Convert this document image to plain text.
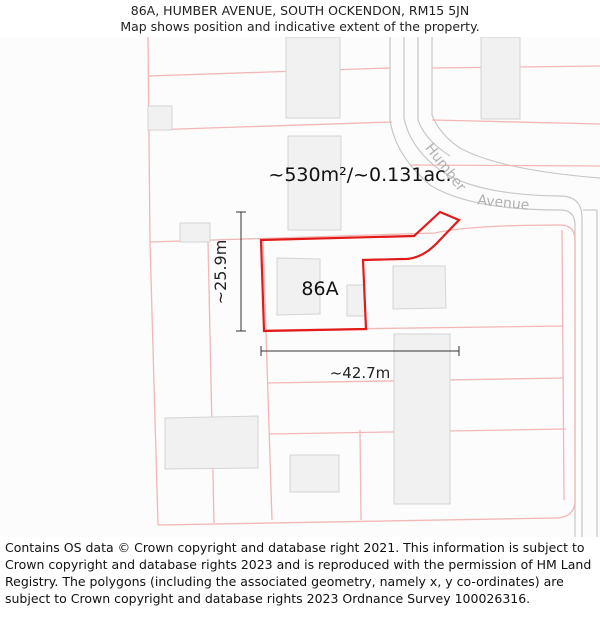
86A, HUMBER AVENUE, SOUTH OCKENDON, RM15 5JN
Map shows position and indicative extent of the property.
Humber
Avenue
~25.9m
~42.7m
~530m²/~0.131ac.
86A
Contains OS data © Crown copyright and database right 2021. This information is subject to Crown copyright and database rights 2023 and is reproduced with the permission of HM Land Registry. The polygons (including the associated geometry, namely x, y co-ordinates) are subject to Crown copyright and database rights 2023 Ordnance Survey 100026316.
